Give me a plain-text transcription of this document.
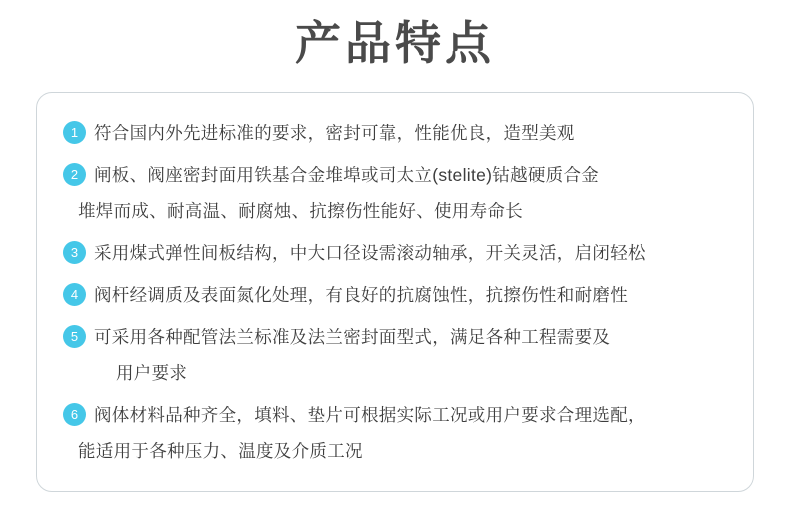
产品特点
1 符合国内外先进标准的要求，密封可靠，性能优良，造型美观
2 闸板、阀座密封面用铁基合金堆埠或司太立(stelite)钴越硬质合金
堆焊而成、耐高温、耐腐烛、抗擦伤性能好、使用寿命长
3 采用煤式弹性间板结构，中大口径设需滚动轴承，开关灵活，启闭轻松
4 阀杆经调质及表面氮化处理，有良好的抗腐蚀性，抗擦伤性和耐磨性
5 可采用各种配管法兰标准及法兰密封面型式，满足各种工程需要及
用户要求
6 阀体材料品种齐全，填料、垫片可根据实际工况或用户要求合理选配，
能适用于各种压力、温度及介质工况
